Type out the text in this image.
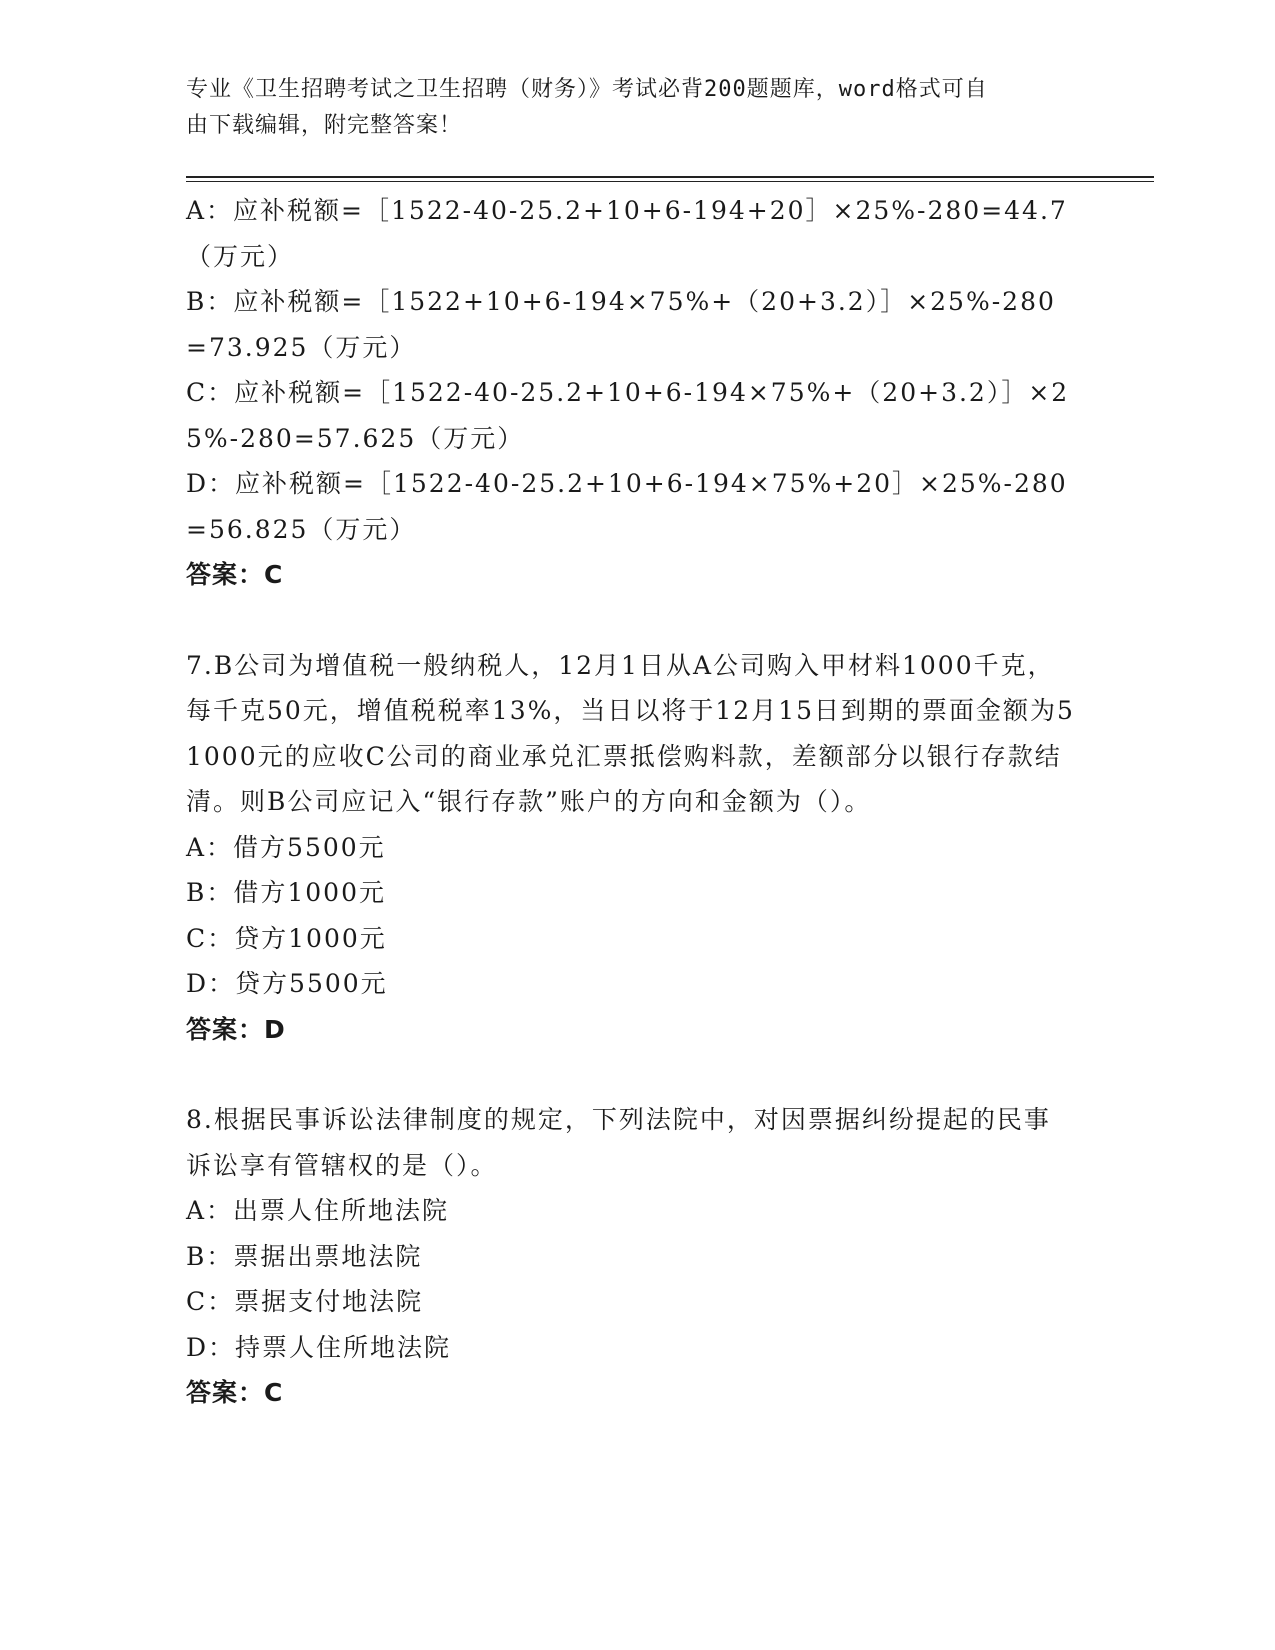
专业《卫生招聘考试之卫生招聘（财务）》考试必背200题题库，word格式可自
由下载编辑，附完整答案！

A：应补税额=［1522-40-25.2+10+6-194+20］×25%-280=44.7（万元）

B：应补税额=［1522+10+6-194×75%+（20+3.2）］×25%-280=73.925（万元）

C：应补税额=［1522-40-25.2+10+6-194×75%+（20+3.2）］×25%-280=57.625（万元）

D：应补税额=［1522-40-25.2+10+6-194×75%+20］×25%-280=56.825（万元）

答案：C

7.B公司为增值税一般纳税人，12月1日从A公司购入甲材料1000千克，每千克50元，增值税税率13%，当日以将于12月15日到期的票面金额为51000元的应收C公司的商业承兑汇票抵偿购料款，差额部分以银行存款结清。则B公司应记入“银行存款”账户的方向和金额为（）。

A：借方5500元

B：借方1000元

C：贷方1000元

D：贷方5500元

答案：D

8.根据民事诉讼法律制度的规定，下列法院中，对因票据纠纷提起的民事诉讼享有管辖权的是（）。

A：出票人住所地法院

B：票据出票地法院

C：票据支付地法院

D：持票人住所地法院

答案：C
